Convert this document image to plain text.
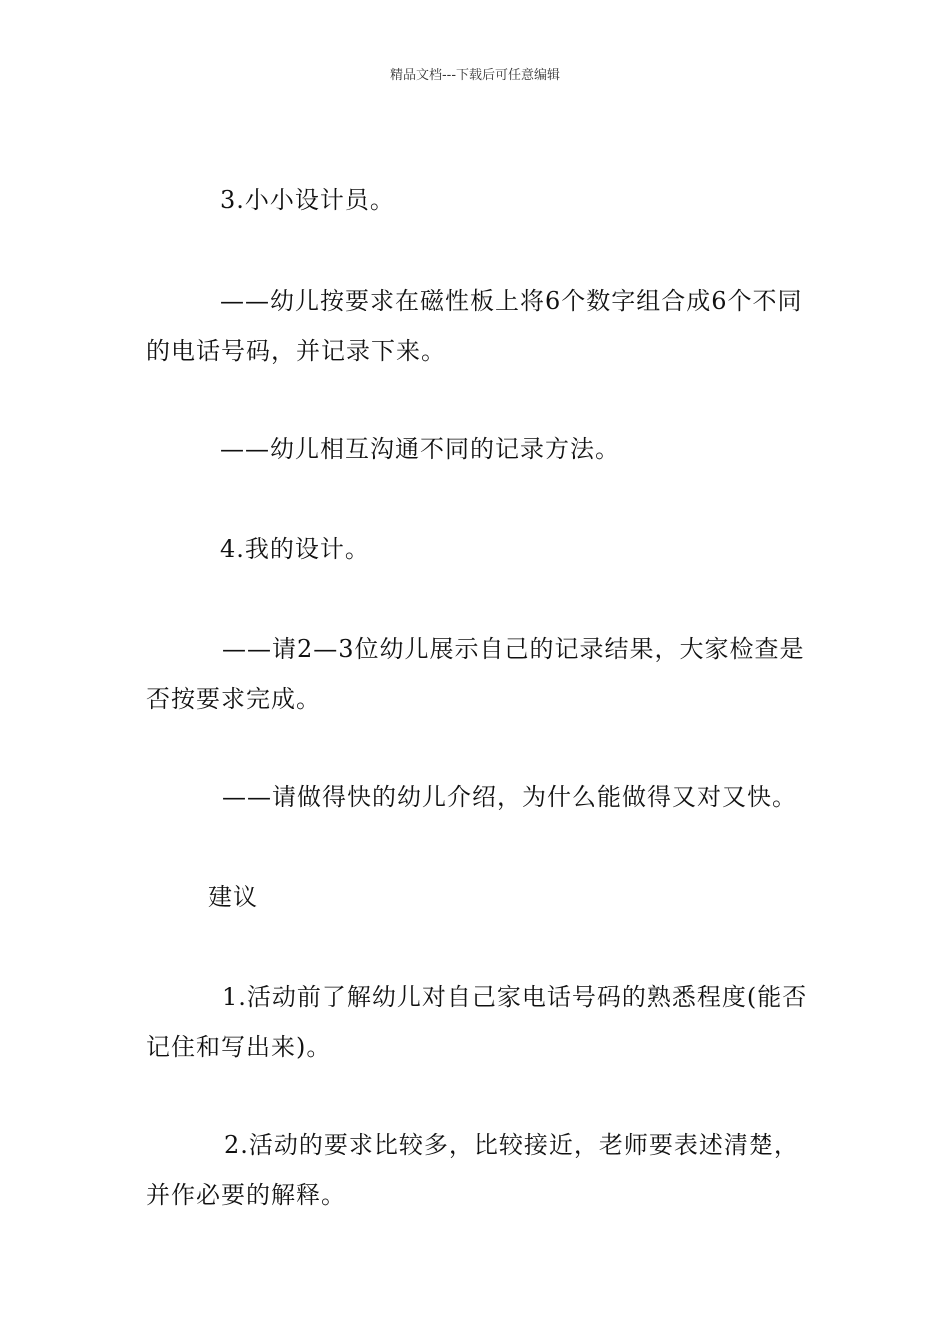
精品文档---下载后可任意编辑

3.小小设计员。

——幼儿按要求在磁性板上将6个数字组合成6个不同的电话号码，并记录下来。

——幼儿相互沟通不同的记录方法。

4.我的设计。

——请2—3位幼儿展示自己的记录结果，大家检查是否按要求完成。

——请做得快的幼儿介绍，为什么能做得又对又快。

建议

1.活动前了解幼儿对自己家电话号码的熟悉程度(能否记住和写出来)。

2.活动的要求比较多，比较接近，老师要表述清楚，并作必要的解释。
